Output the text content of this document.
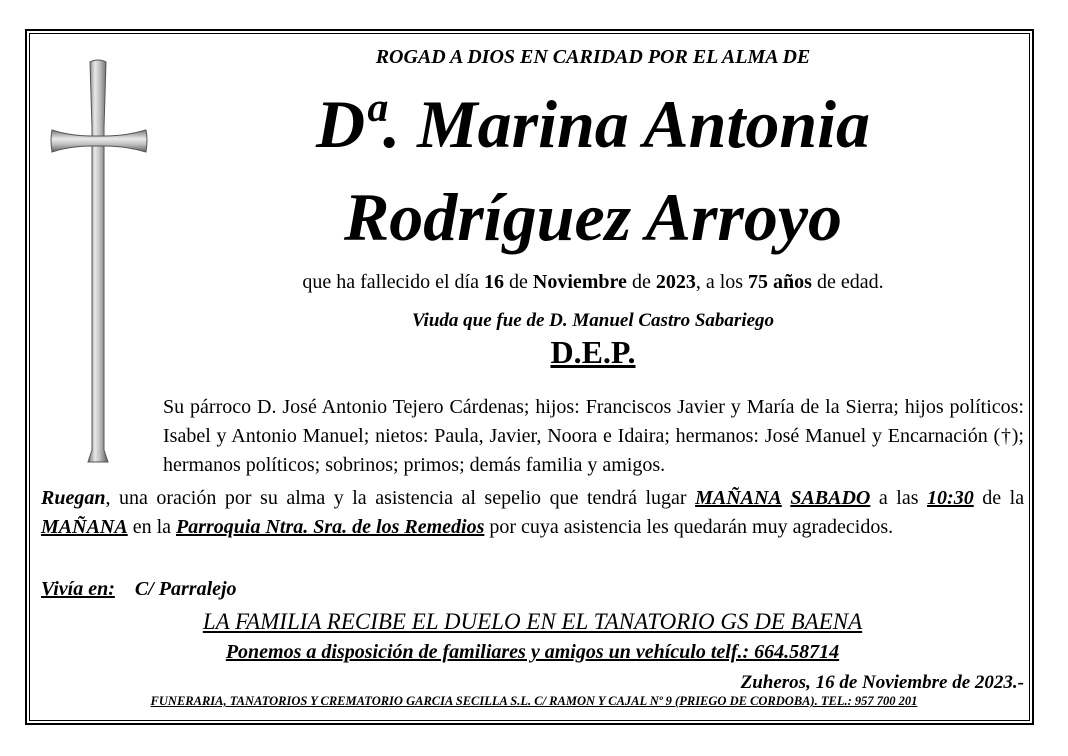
ROGAD A DIOS EN CARIDAD POR EL ALMA DE
Dª. Marina Antonia
Rodríguez Arroyo
que ha fallecido el día 16 de Noviembre de 2023, a los 75 años de edad.
Viuda que fue de D. Manuel Castro Sabariego
D.E.P.
Su párroco D. José Antonio Tejero Cárdenas; hijos: Franciscos Javier y María de la Sierra; hijos políticos: Isabel y Antonio Manuel; nietos: Paula, Javier, Noora e Idaira; hermanos: José Manuel y Encarnación (†); hermanos políticos; sobrinos; primos; demás familia y amigos.
Ruegan, una oración por su alma y la asistencia al sepelio que tendrá lugar MAÑANA SABADO a las 10:30 de la MAÑANA en la Parroquia Ntra. Sra. de los Remedios por cuya asistencia les quedarán muy agradecidos.
Vivía en: C/ Parralejo
LA FAMILIA RECIBE EL DUELO EN EL TANATORIO GS DE BAENA
Ponemos a disposición de familiares y amigos un vehículo telf.: 664.58714
Zuheros, 16 de Noviembre de 2023.-
FUNERARIA, TANATORIOS Y CREMATORIO GARCIA SECILLA S.L. C/ RAMON Y CAJAL Nº 9 (PRIEGO DE CORDOBA). TEL.: 957 700 201
